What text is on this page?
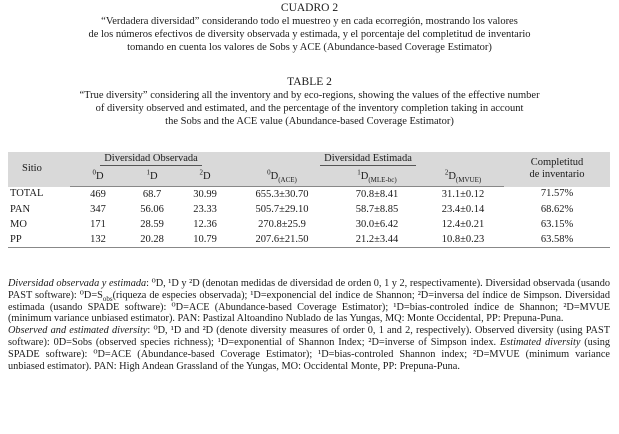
CUADRO 2

“Verdadera diversidad” considerando todo el muestreo y en cada ecorregión, mostrando los valores

de los números efectivos de diversity observada y estimada, y el porcentaje del completitud de inventario

tomando en cuenta los valores de Sobs y ACE (Abundance-based Coverage Estimator)

TABLE 2

“True diversity” considering all the inventory and by eco-regions, showing the values of the effective number

of diversity observed and estimated, and the percentage of the inventory completion taking in account

the Sobs and the ACE value (Abundance-based Coverage Estimator)

Sitio	Diversidad Observada			Diversidad Estimada			Completitud
de inventario
	$^0$D	$^1$D	$^2$D	$^0D_{(ACE)}$	$^1D_{(MLE-bc)}$	$^2D_{(MVUE)}$
TOTAL	469	68.7	30.99	655.3±30.70	70.8±8.41	31.1±0.12	71.57%
PAN	347	56.06	23.33	505.7±29.10	58.7±8.85	23.4±0.14	68.62%
MO	171	28.59	12.36	270.8±25.9	30.0±6.42	12.4±0.21	63.15%
PP	132	20.28	10.79	207.6±21.50	21.2±3.44	10.8±0.23	63.58%

Diversidad observada y estimada: ⁰D, ¹D y ²D (denotan medidas de diversidad de orden 0, 1 y 2, respectivamente). Diversidad observada (usando PAST software): $^0D=S_{obs}(riqueza$ de especies observada); ¹D=exponencial del índice de Shannon; ²D=inversa del índice de Simpson. Diversidad estimada (usando SPADE software): ⁰D=ACE (Abundance-based Coverage Estimator); ¹D=bias-controled índice de Shannon; ²D=MVUE (minimum variance unbiased estimator). PAN: Pastizal Altoandino Nublado de las Yungas, MQ: Monte Occidental, PP: Prepuna-Puna.

Observed and estimated diversity: ⁰D, ¹D and ²D (denote diversity measures of order 0, 1 and 2, respectively). Observed diversity (using PAST software): 0D=Sobs (observed species richness); ¹D=exponential of Shannon Index; ²D=inverse of Simpson index. Estimated diversity (using SPADE software): ⁰D=ACE (Abundance-based Coverage Estimator); ¹D=bias-controled Shannon index; ²D=MVUE (minimum variance unbiased estimator). PAN: High Andean Grassland of the Yungas, MO: Occidental Monte, PP: Prepuna-Puna.
